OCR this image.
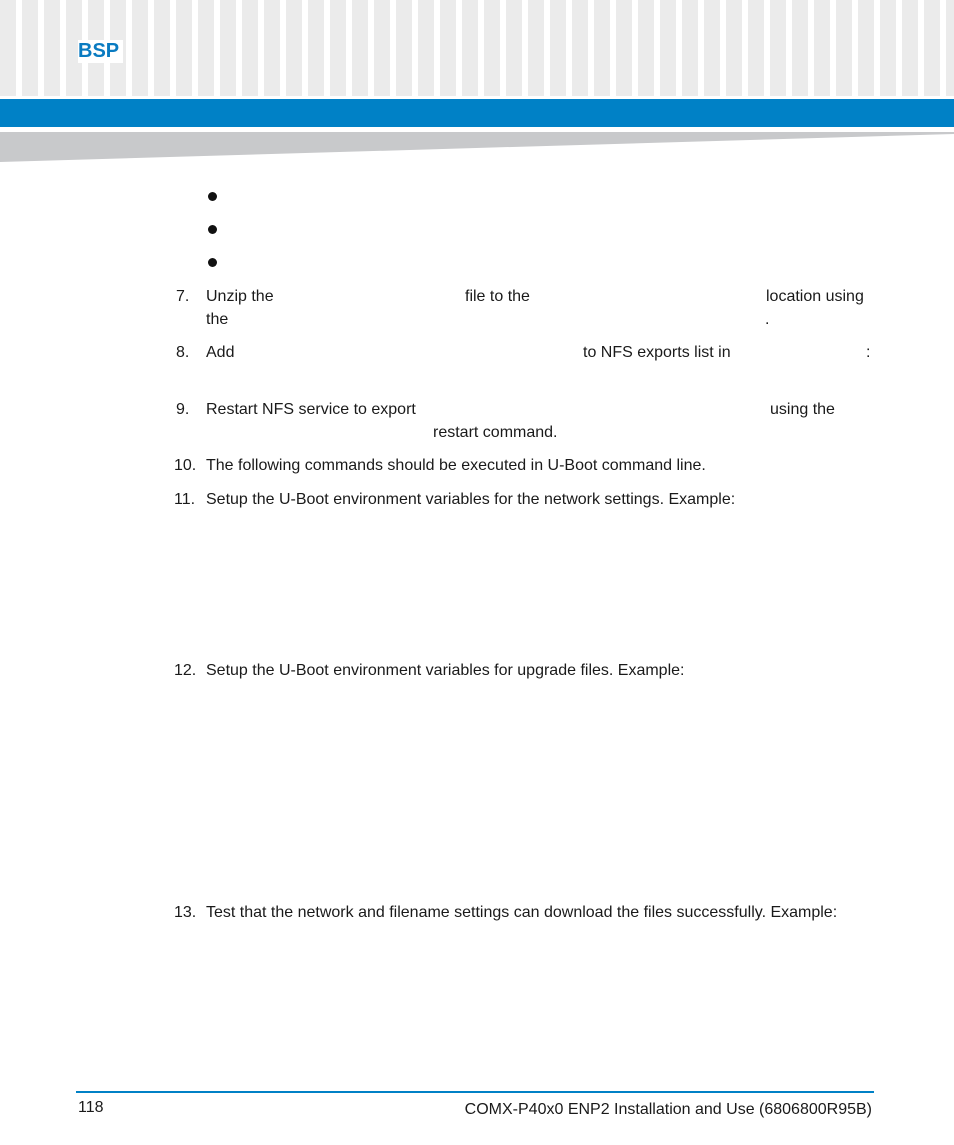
BSP
7. Unzip the	file to the	location using
the	.
8. Add	to NFS exports list in	:
9. Restart NFS service to export	using the
restart command.
10. The following commands should be executed in U-Boot command line.
11. Setup the U-Boot environment variables for the network settings. Example:
12. Setup the U-Boot environment variables for upgrade files. Example:
13. Test that the network and filename settings can download the files successfully. Example:
118	COMX-P40x0 ENP2 Installation and Use (6806800R95B)
